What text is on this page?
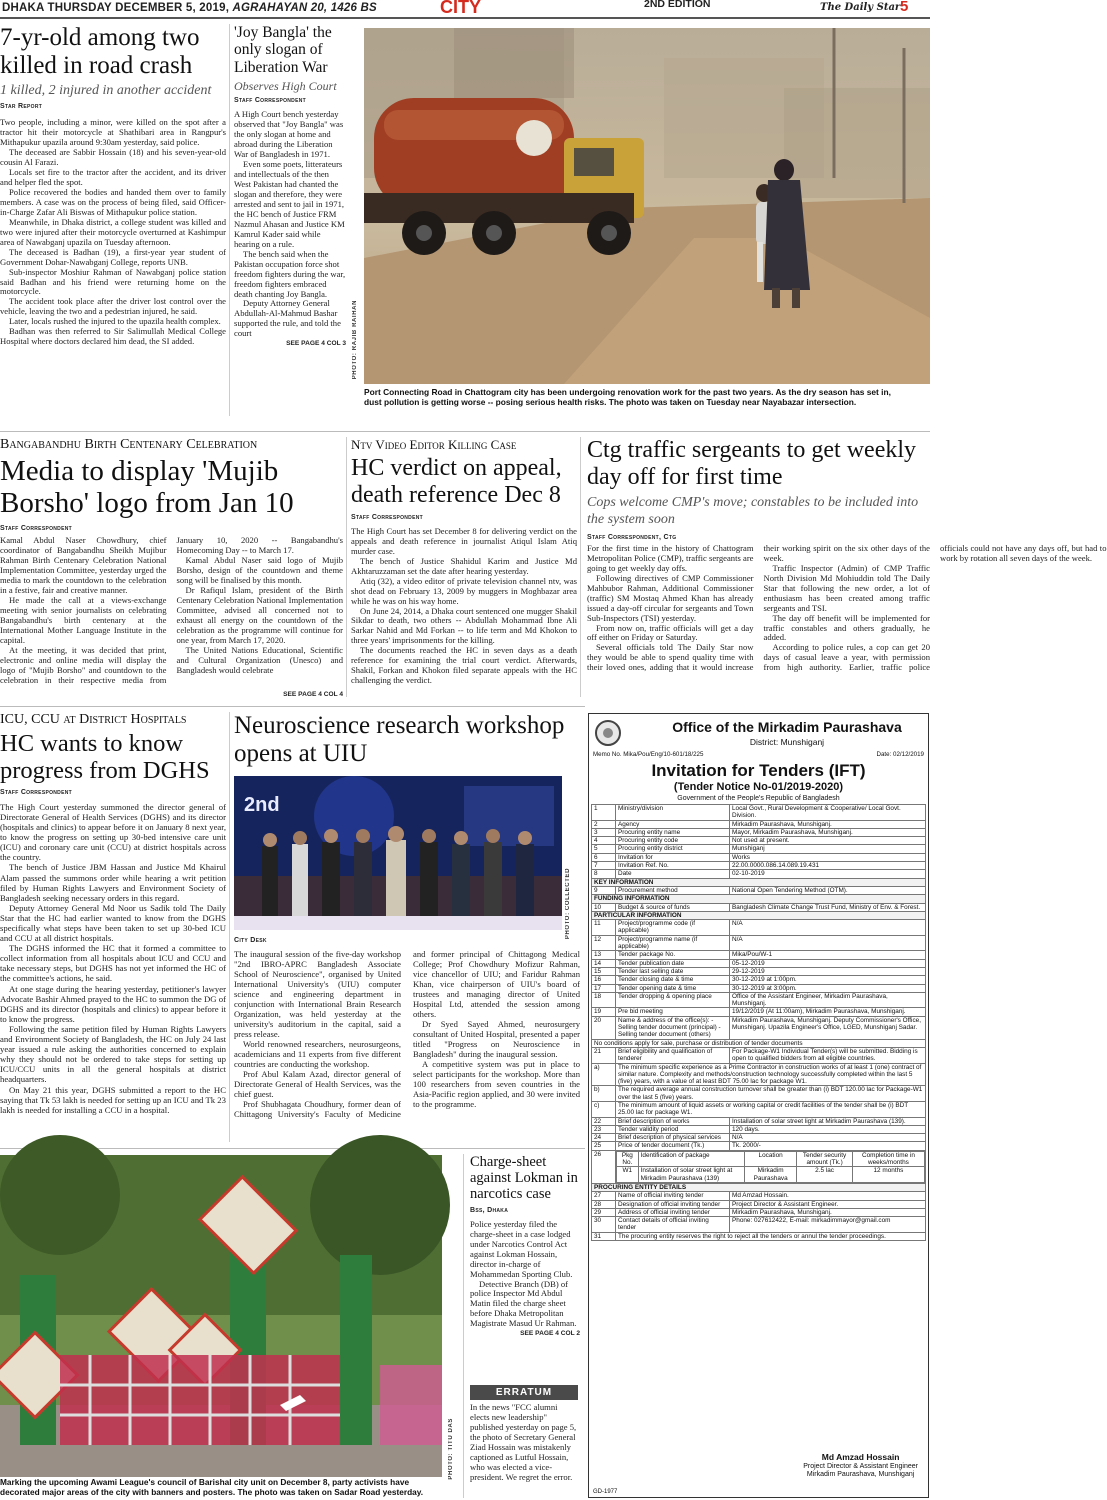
DHAKA THURSDAY DECEMBER 5, 2019, AGRAHAYAN 20, 1426 BS	CITY	2ND EDITION	The Daily Star 5
7-yr-old among two killed in road crash
1 killed, 2 injured in another accident
Star Report

Two people, including a minor, were killed on the spot after a tractor hit their motorcycle at Shathibari area in Rangpur's Mithapukur upazila around 9:30am yesterday, said police.

The deceased are Sabbir Hossain (18) and his seven-year-old cousin Al Farazi.

Locals set fire to the tractor after the accident, and its driver and helper fled the spot.

Police recovered the bodies and handed them over to family members. A case was on the process of being filed, said Officer-in-Charge Zafar Ali Biswas of Mithapukur police station.

Meanwhile, in Dhaka district, a college student was killed and two were injured after their motorcycle overturned at Kashimpur area of Nawabganj upazila on Tuesday afternoon.

The deceased is Badhan (19), a first-year year student of Government Dohar-Nawabganj College, reports UNB.

Sub-inspector Moshiur Rahman of Nawabganj police station said Badhan and his friend were returning home on the motorcycle.

The accident took place after the driver lost control over the vehicle, leaving the two and a pedestrian injured, he said.

Later, locals rushed the injured to the upazila health complex.

Badhan was then referred to Sir Salimullah Medical College Hospital where doctors declared him dead, the SI added.

'Joy Bangla' the only slogan of Liberation War
Observes High Court
Staff Correspondent

A High Court bench yesterday observed that "Joy Bangla" was the only slogan at home and abroad during the Liberation War of Bangladesh in 1971.

Even some poets, litterateurs and intellectuals of the then West Pakistan had chanted the slogan and therefore, they were arrested and sent to jail in 1971, the HC bench of Justice FRM Nazmul Ahasan and Justice KM Kamrul Kader said while hearing on a rule.

The bench said when the Pakistan occupation force shot freedom fighters during the war, freedom fighters embraced death chanting Joy Bangla.

Deputy Attorney General Abdullah-Al-Mahmud Bashar supported the rule, and told the court

SEE PAGE 4 COL 3 PHOTO: RAJIB RAIHAN
Port Connecting Road in Chattogram city has been undergoing renovation work for the past two years. As the dry season has set in, dust pollution is getting worse -- posing serious health risks. The photo was taken on Tuesday near Nayabazar intersection.
Bangabandhu Birth Centenary Celebration
Media to display 'Mujib Borsho' logo from Jan 10
Staff Correspondent

Kamal Abdul Naser Chowdhury, chief coordinator of Bangabandhu Sheikh Mujibur Rahman Birth Centenary Celebration National Implementation Committee, yesterday urged the media to mark the countdown to the celebration in a festive, fair and creative manner.

He made the call at a views-exchange meeting with senior journalists on celebrating Bangabandhu's birth centenary at the International Mother Language Institute in the capital.

At the meeting, it was decided that print, electronic and online media will display the logo of "Mujib Borsho" and countdown to the celebration in their respective media from January 10, 2020 -- Bangabandhu's Homecoming Day -- to March 17.

Kamal Abdul Naser said logo of Mujib Borsho, design of the countdown and theme song will be finalised by this month.

Dr Rafiqul Islam, president of the Birth Centenary Celebration National Implementation Committee, advised all concerned not to exhaust all energy on the countdown of the celebration as the programme will continue for one year, from March 17, 2020.

The United Nations Educational, Scientific and Cultural Organization (Unesco) and Bangladesh would celebrate

SEE PAGE 4 COL 4
Ntv Video Editor Killing Case
HC verdict on appeal, death reference Dec 8
Staff Correspondent

The High Court has set December 8 for delivering verdict on the appeals and death reference in journalist Atiqul Islam Atiq murder case.

The bench of Justice Shahidul Karim and Justice Md Akhtaruzzaman set the date after hearing yesterday.

Atiq (32), a video editor of private television channel ntv, was shot dead on February 13, 2009 by muggers in Moghbazar area while he was on his way home.

On June 24, 2014, a Dhaka court sentenced one mugger Shakil Sikdar to death, two others -- Abdullah Mohammad Ibne Ali Sarkar Nahid and Md Forkan -- to life term and Md Khokon to three years' imprisonments for the killing.

The documents reached the HC in seven days as a death reference for examining the trial court verdict. Afterwards, Shakil, Forkan and Khokon filed separate appeals with the HC challenging the verdict.

Ctg traffic sergeants to get weekly day off for first time
Cops welcome CMP's move; constables to be included into the system soon
Staff Correspondent, Ctg

For the first time in the history of Chattogram Metropolitan Police (CMP), traffic sergeants are going to get weekly day offs.

Following directives of CMP Commissioner Mahbubor Rahman, Additional Commissioner (traffic) SM Mostaq Ahmed Khan has already issued a day-off circular for sergeants and Town Sub-Inspectors (TSI) yesterday.

From now on, traffic officials will get a day off either on Friday or Saturday.

Several officials told The Daily Star now they would be able to spend quality time with their loved ones, adding that it would increase their working spirit on the six other days of the week.

Traffic Inspector (Admin) of CMP Traffic North Division Md Mohiuddin told The Daily Star that following the new order, a lot of enthusiasm has been created among traffic sergeants and TSI.

The day off benefit will be implemented for traffic constables and others gradually, he added.

According to police rules, a cop can get 20 days of casual leave a year, with permission from high authority. Earlier, traffic police officials could not have any days off, but had to work by rotation all seven days of the week.

ICU, CCU at District Hospitals
HC wants to know progress from DGHS
Staff Correspondent

The High Court yesterday summoned the director general of Directorate General of Health Services (DGHS) and its director (hospitals and clinics) to appear before it on January 8 next year, to know the progress on setting up 30-bed intensive care unit (ICU) and coronary care unit (CCU) at district hospitals across the country.

The bench of Justice JBM Hassan and Justice Md Khairul Alam passed the summons order while hearing a writ petition filed by Human Rights Lawyers and Environment Society of Bangladesh seeking necessary orders in this regard.

Deputy Attorney General Md Noor us Sadik told The Daily Star that the HC had earlier wanted to know from the DGHS specifically what steps have been taken to set up 30-bed ICU and CCU at all district hospitals.

The DGHS informed the HC that it formed a committee to collect information from all hospitals about ICU and CCU and take necessary steps, but DGHS has not yet informed the HC of the committee's actions, he said.

At one stage during the hearing yesterday, petitioner's lawyer Advocate Bashir Ahmed prayed to the HC to summon the DG of DGHS and its director (hospitals and clinics) to appear before it to know the progress.

Following the same petition filed by Human Rights Lawyers and Environment Society of Bangladesh, the HC on July 24 last year issued a rule asking the authorities concerned to explain why they should not be ordered to take steps for setting up ICU/CCU units in all the general hospitals at district headquarters.

On May 21 this year, DGHS submitted a report to the HC saying that Tk 53 lakh is needed for setting up an ICU and Tk 23 lakh is needed for installing a CCU in a hospital.

Neuroscience research workshop opens at UIU
2nd
PHOTO: COLLECTED
City Desk

The inaugural session of the five-day workshop "2nd IBRO-APRC Bangladesh Associate School of Neuroscience", organised by United International University's (UIU) computer science and engineering department in conjunction with International Brain Research Organization, was held yesterday at the university's auditorium in the capital, said a press release.

World renowned researchers, neurosurgeons, academicians and 11 experts from five different countries are conducting the workshop.

Prof Abul Kalam Azad, director general of Directorate General of Health Services, was the chief guest.

Prof Shubhagata Choudhury, former dean of Chittagong University's Faculty of Medicine and former principal of Chittagong Medical College; Prof Chowdhury Mofizur Rahman, vice chancellor of UIU; and Faridur Rahman Khan, vice chairperson of UIU's board of trustees and managing director of United Hospital Ltd, attended the session among others.

Dr Syed Sayed Ahmed, neurosurgery consultant of United Hospital, presented a paper titled "Progress on Neuroscience in Bangladesh" during the inaugural session.

A competitive system was put in place to select participants for the workshop. More than 100 researchers from seven countries in the Asia-Pacific region applied, and 30 were invited to the programme.

PHOTO: TITU DAS
Marking the upcoming Awami League's council of Barishal city unit on December 8, party activists have decorated major areas of the city with banners and posters. The photo was taken on Sadar Road yesterday.
Charge-sheet against Lokman in narcotics case
Bss, Dhaka

Police yesterday filed the charge-sheet in a case lodged under Narcotics Control Act against Lokman Hossain, director in-charge of Mohammedan Sporting Club.

Detective Branch (DB) of police Inspector Md Abdul Matin filed the charge sheet before Dhaka Metropolitan Magistrate Masud Ur Rahman.

SEE PAGE 4 COL 2
ERRATUM

In the news "FCC alumni elects new leadership" published yesterday on page 5, the photo of Secretary General Ziad Hossain was mistakenly captioned as Lutful Hossain, who was elected a vice-president. We regret the error.

Office of the Mirkadim Paurashava
District: Munshiganj
Memo No. Mika/Pou/Eng/10-601/18/225	Date: 02/12/2019
Invitation for Tenders (IFT)
(Tender Notice No-01/2019-2020)
Government of the People's Republic of Bangladesh
1	Ministry/division	Local Govt., Rural Development & Cooperative/ Local Govt. Division.
2	Agency	Mirkadim Paurashava, Munshiganj.
3	Procuring entity name	Mayor, Mirkadim Paurashava, Munshiganj.
4	Procuring entity code	Not used at present.
5	Procuring entity district	Munshiganj
6	Invitation for	Works
7	Invitation Ref. No.	22.00.0000.086.14.089.19.431
8	Date	02-10-2019
KEY INFORMATION
9	Procurement method	National Open Tendering Method (OTM).
FUNDING INFORMATION
10	Budget & source of funds	Bangladesh Climate Change Trust Fund, Ministry of Env. & Forest.
PARTICULAR INFORMATION
11	Project/programme code (if applicable)	N/A
12	Project/programme name (if applicable)	N/A
13	Tender package No.	Mika/Pou/W-1
14	Tender publication date	05-12-2019
15	Tender last selling date	29-12-2019
16	Tender closing date & time	30-12-2019 at 1:00pm.
17	Tender opening date & time	30-12-2019 at 3:00pm.
18	Tender dropping & opening place	Office of the Assistant Engineer, Mirkadim Paurashava, Munshiganj.
19	Pre bid meeting	19/12/2019 (At 11:00am), Mirkadim Paurashava, Munshiganj.
20	Name & address of the office(s): -Selling tender document (principal) - Selling tender document (others)	Mirkadim Paurashava, Munshiganj. Deputy Commissioner's Office, Munshiganj. Upazila Engineer's Office, LGED, Munshiganj Sadar.
No conditions apply for sale, purchase or distribution of tender documents
21	Brief eligibility and qualification of tenderer	For Package-W1 Individual Tender(s) will be submitted. Bidding is open to qualified bidders from all eligible countries.
a)	The minimum specific experience as a Prime Contractor in construction works of at least 1 (one) contract of similar nature. Complexity and methods/construction technology successfully completed within the last 5 (five) years, with a value of at least BDT 75.00 lac for package W1.
b)	The required average annual construction turnover shall be greater than (i) BDT 120.00 lac for Package-W1 over the last 5 (five) years.
c)	The minimum amount of liquid assets or working capital or credit facilities of the tender shall be (i) BDT 25.00 lac for package W1.
22	Brief description of works	Installation of solar street light at Mirkadim Paurashava (139).
23	Tender validity period	120 days.
24	Brief description of physical services	N/A
25	Price of tender document (Tk.)	Tk. 2000/-
26		Pkg No.	Identification of package	Location	Tender security amount (Tk.)	Completion time in weeks/months
W1	Installation of solar street light at Mirkadim Paurashava (139)	Mirkadim Paurashava	2.5 lac	12 months

PROCURING ENTITY DETAILS
27	Name of official inviting tender	Md Amzad Hossain.
28	Designation of official inviting tender	Project Director & Assistant Engineer.
29	Address of official inviting tender	Mirkadim Paurashava, Munshiganj.
30	Contact details of official inviting tender	Phone: 027612422, E-mail: mirkadimmayor@gmail.com
31	The procuring entity reserves the right to reject all the tenders or annul the tender proceedings.
Md Amzad Hossain
Project Director & Assistant Engineer
Mirkadim Paurashava, Munshiganj
GD-1977
